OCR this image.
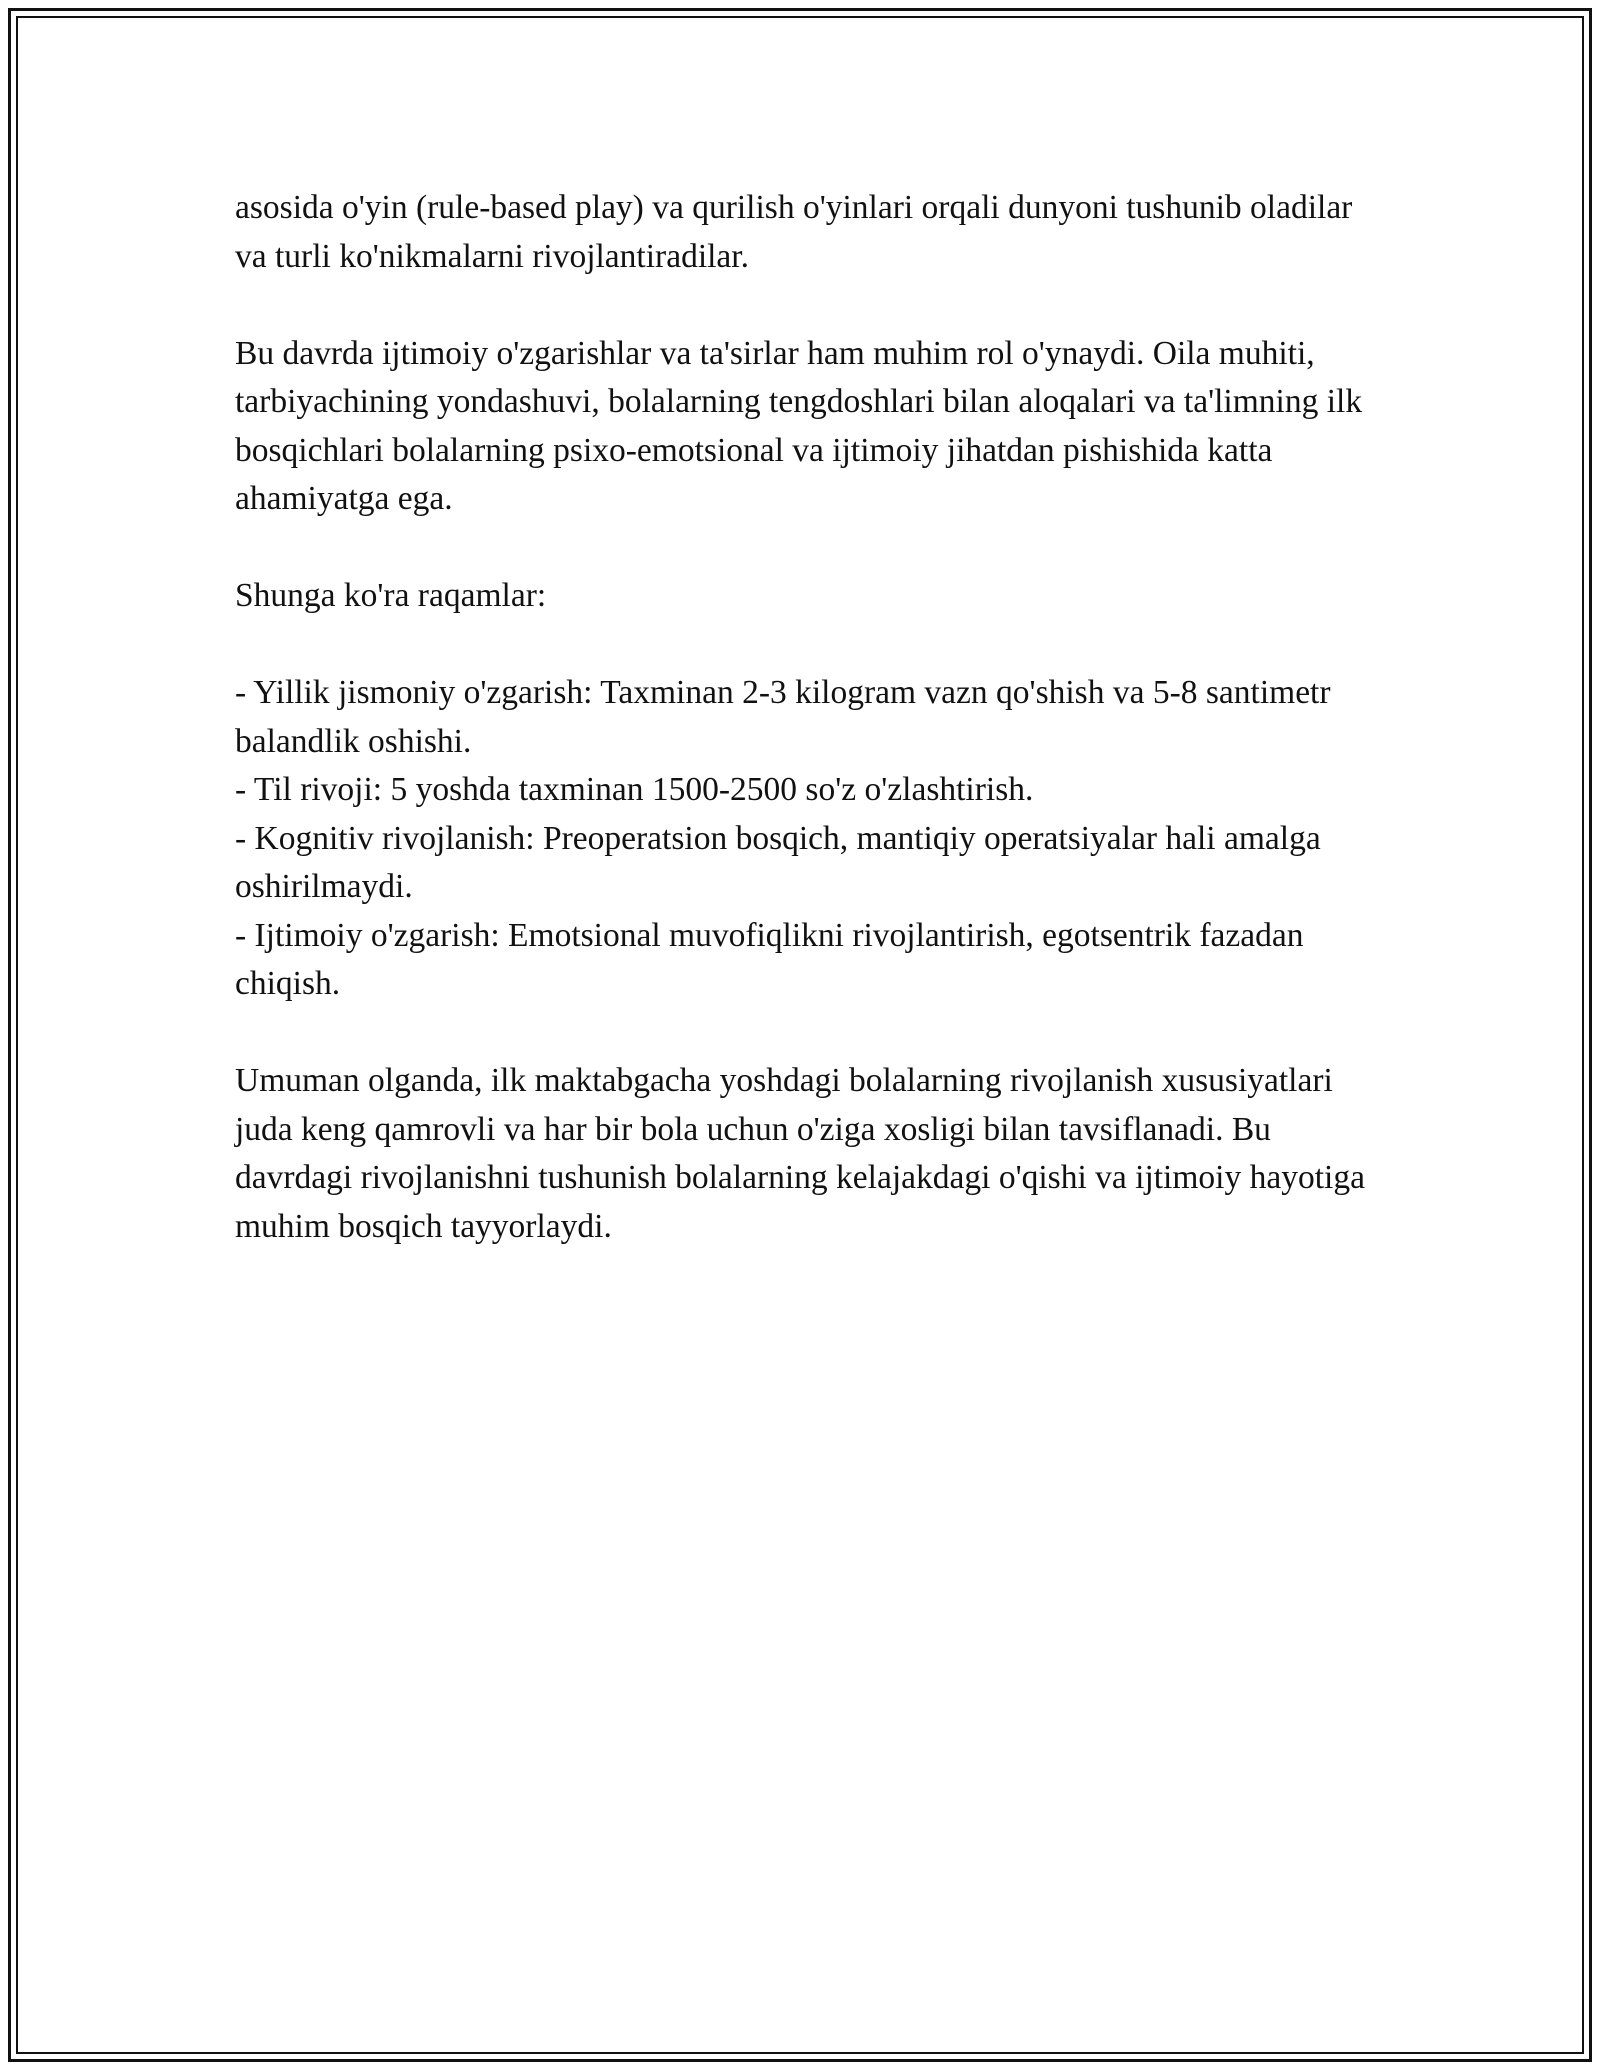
asosida o'yin (rule-based play) va qurilish o'yinlari orqali dunyoni tushunib oladilar va turli ko'nikmalarni rivojlantiradilar.

Bu davrda ijtimoiy o'zgarishlar va ta'sirlar ham muhim rol o'ynaydi. Oila muhiti, tarbiyachining yondashuvi, bolalarning tengdoshlari bilan aloqalari va ta'limning ilk bosqichlari bolalarning psixo-emotsional va ijtimoiy jihatdan pishishida katta ahamiyatga ega.

Shunga ko'ra raqamlar:

- Yillik jismoniy o'zgarish: Taxminan 2-3 kilogram vazn qo'shish va 5-8 santimetr balandlik oshishi.
- Til rivoji: 5 yoshda taxminan 1500-2500 so'z o'zlashtirish.
- Kognitiv rivojlanish: Preoperatsion bosqich, mantiqiy operatsiyalar hali amalga oshirilmaydi.
- Ijtimoiy o'zgarish: Emotsional muvofiqlikni rivojlantirish, egotsentrik fazadan chiqish.

Umuman olganda, ilk maktabgacha yoshdagi bolalarning rivojlanish xususiyatlari juda keng qamrovli va har bir bola uchun o'ziga xosligi bilan tavsiflanadi. Bu davrdagi rivojlanishni tushunish bolalarning kelajakdagi o'qishi va ijtimoiy hayotiga muhim bosqich tayyorlaydi.
